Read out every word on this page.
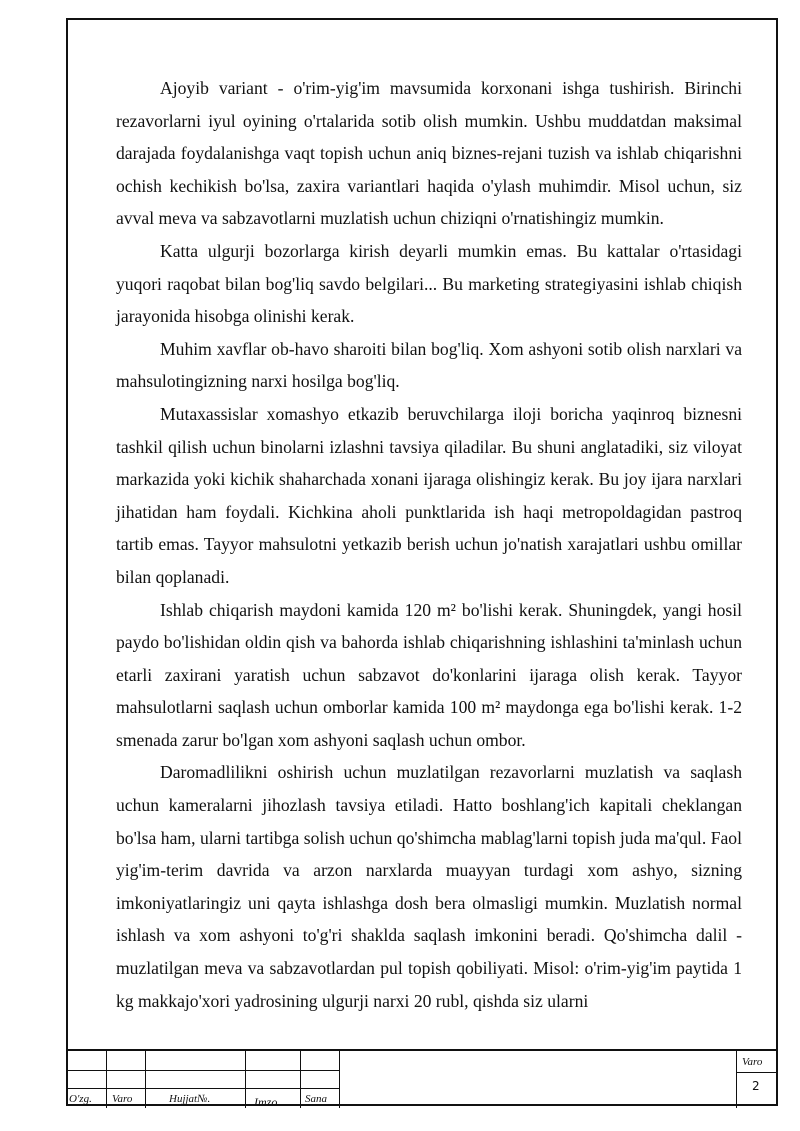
Ajoyib variant - o'rim-yig'im mavsumida korxonani ishga tushirish. Birinchi rezavorlarni iyul oyining o'rtalarida sotib olish mumkin. Ushbu muddatdan maksimal darajada foydalanishga vaqt topish uchun aniq biznes-rejani tuzish va ishlab chiqarishni ochish kechikish bo'lsa, zaxira variantlari haqida o'ylash muhimdir. Misol uchun, siz avval meva va sabzavotlarni muzlatish uchun chiziqni o'rnatishingiz mumkin.

Katta ulgurji bozorlarga kirish deyarli mumkin emas. Bu kattalar o'rtasidagi yuqori raqobat bilan bog'liq savdo belgilari... Bu marketing strategiyasini ishlab chiqish jarayonida hisobga olinishi kerak.

Muhim xavflar ob-havo sharoiti bilan bog'liq. Xom ashyoni sotib olish narxlari va mahsulotingizning narxi hosilga bog'liq.

Mutaxassislar xomashyo etkazib beruvchilarga iloji boricha yaqinroq biznesni tashkil qilish uchun binolarni izlashni tavsiya qiladilar. Bu shuni anglatadiki, siz viloyat markazida yoki kichik shaharchada xonani ijaraga olishingiz kerak. Bu joy ijara narxlari jihatidan ham foydali. Kichkina aholi punktlarida ish haqi metropoldagidan pastroq tartib emas. Tayyor mahsulotni yetkazib berish uchun jo'natish xarajatlari ushbu omillar bilan qoplanadi.

Ishlab chiqarish maydoni kamida 120 m² bo'lishi kerak. Shuningdek, yangi hosil paydo bo'lishidan oldin qish va bahorda ishlab chiqarishning ishlashini ta'minlash uchun etarli zaxirani yaratish uchun sabzavot do'konlarini ijaraga olish kerak. Tayyor mahsulotlarni saqlash uchun omborlar kamida 100 m² maydonga ega bo'lishi kerak. 1-2 smenada zarur bo'lgan xom ashyoni saqlash uchun ombor.

Daromadlilikni oshirish uchun muzlatilgan rezavorlarni muzlatish va saqlash uchun kameralarni jihozlash tavsiya etiladi. Hatto boshlang'ich kapitali cheklangan bo'lsa ham, ularni tartibga solish uchun qo'shimcha mablag'larni topish juda ma'qul. Faol yig'im-terim davrida va arzon narxlarda muayyan turdagi xom ashyo, sizning imkoniyatlaringiz uni qayta ishlashga dosh bera olmasligi mumkin. Muzlatish normal ishlash va xom ashyoni to'g'ri shaklda saqlash imkonini beradi. Qo'shimcha dalil - muzlatilgan meva va sabzavotlardan pul topish qobiliyati. Misol: o'rim-yig'im paytida 1 kg makkajo'xori yadrosining ulgurji narxi 20 rubl, qishda siz ularni

O'zg. Varo	Hujjat№.	Imzo	Sana
Varo
2
